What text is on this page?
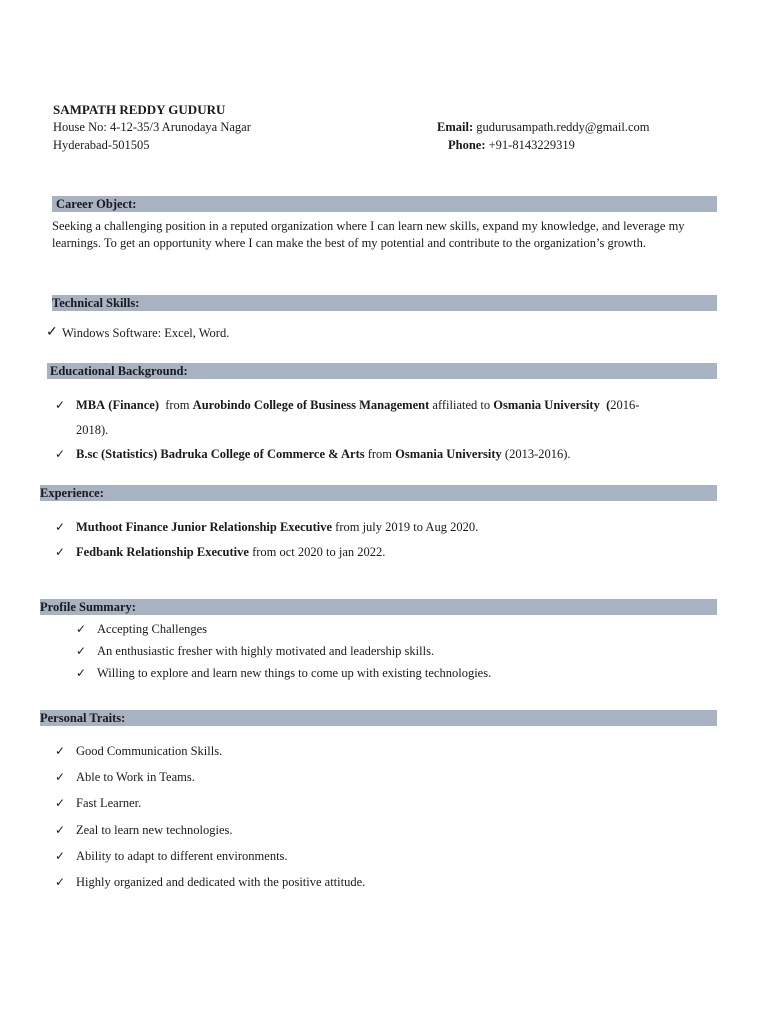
SAMPATH REDDY GUDURU
House No: 4-12-35/3 Arunodaya Nagar
Hyderabad-501505
Email: gudurusampath.reddy@gmail.com
Phone: +91-8143229319
Career Object:
Seeking a challenging position in a reputed organization where I can learn new skills, expand my knowledge, and leverage my learnings. To get an opportunity where I can make the best of my potential and contribute to the organization’s growth.
Technical Skills:
✓ Windows Software: Excel, Word.
Educational Background:
✓ MBA (Finance) from Aurobindo College of Business Management affiliated to Osmania University (2016-
2018).
✓ B.sc (Statistics) Badruka College of Commerce & Arts from Osmania University (2013-2016).
Experience:
✓ Muthoot Finance Junior Relationship Executive from july 2019 to Aug 2020.
✓ Fedbank Relationship Executive from oct 2020 to jan 2022.
Profile Summary:
✓ Accepting Challenges
✓ An enthusiastic fresher with highly motivated and leadership skills.
✓ Willing to explore and learn new things to come up with existing technologies.
Personal Traits:
✓ Good Communication Skills.
✓ Able to Work in Teams.
✓ Fast Learner.
✓ Zeal to learn new technologies.
✓ Ability to adapt to different environments.
✓ Highly organized and dedicated with the positive attitude.
